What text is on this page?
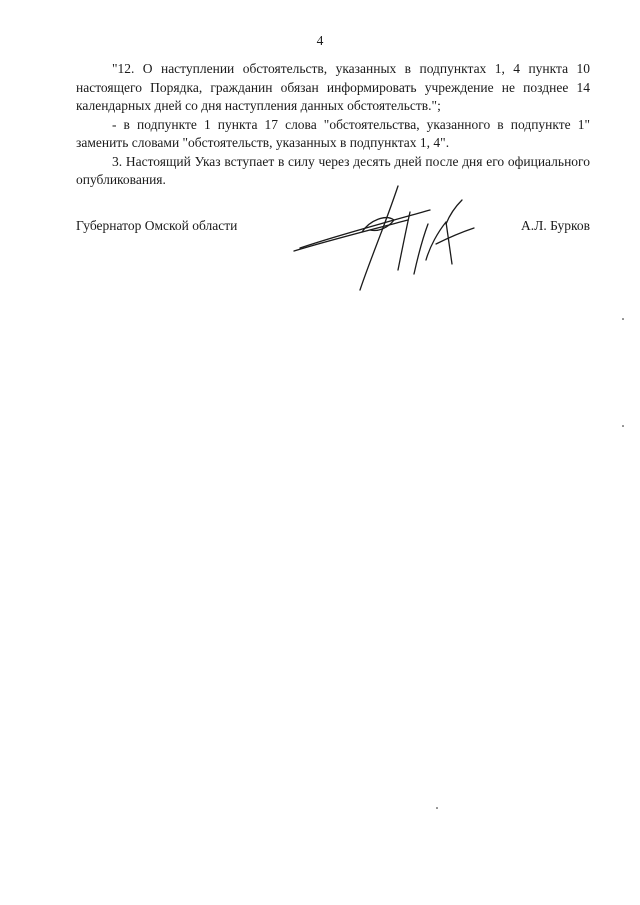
4

"12. О наступлении обстоятельств, указанных в подпунктах 1, 4 пункта 10 настоящего Порядка, гражданин обязан информировать учреждение не позднее 14 календарных дней со дня наступления данных обстоятельств.";

- в подпункте 1 пункта 17 слова "обстоятельства, указанного в подпункте 1" заменить словами "обстоятельств, указанных в подпунктах 1, 4".

3. Настоящий Указ вступает в силу через десять дней после дня его официального опубликования.

Губернатор Омской области	А.Л. Бурков
